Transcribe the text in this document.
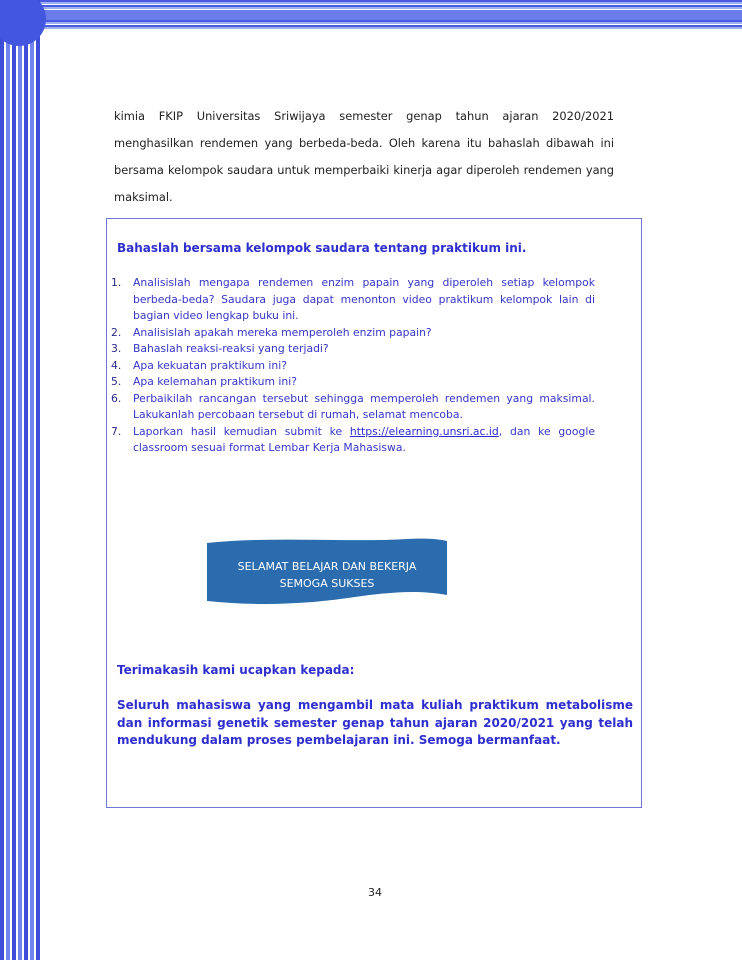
kimia FKIP Universitas Sriwijaya semester genap tahun ajaran 2020/2021 menghasilkan rendemen yang berbeda-beda. Oleh karena itu bahaslah dibawah ini bersama kelompok saudara untuk memperbaiki kinerja agar diperoleh rendemen yang maksimal.

Bahaslah bersama kelompok saudara tentang praktikum ini.
1.	Analisislah mengapa rendemen enzim papain yang diperoleh setiap kelompok berbeda-beda? Saudara juga dapat menonton video praktikum kelompok lain di bagian video lengkap buku ini.
2.	Analisislah apakah mereka memperoleh enzim papain?
3.	Bahaslah reaksi-reaksi yang terjadi?
4.	Apa kekuatan praktikum ini?
5.	Apa kelemahan praktikum ini?
6.	Perbaikilah rancangan tersebut sehingga memperoleh rendemen yang maksimal. Lakukanlah percobaan tersebut di rumah, selamat mencoba.
7.	Laporkan hasil kemudian submit ke https://elearning.unsri.ac.id, dan ke google classroom sesuai format Lembar Kerja Mahasiswa.
SELAMAT BELAJAR DAN BEKERJA
SEMOGA SUKSES
Terimakasih kami ucapkan kepada:
Seluruh mahasiswa yang mengambil mata kuliah praktikum metabolisme dan informasi genetik semester genap tahun ajaran 2020/2021 yang telah mendukung dalam proses pembelajaran ini. Semoga bermanfaat.
34
